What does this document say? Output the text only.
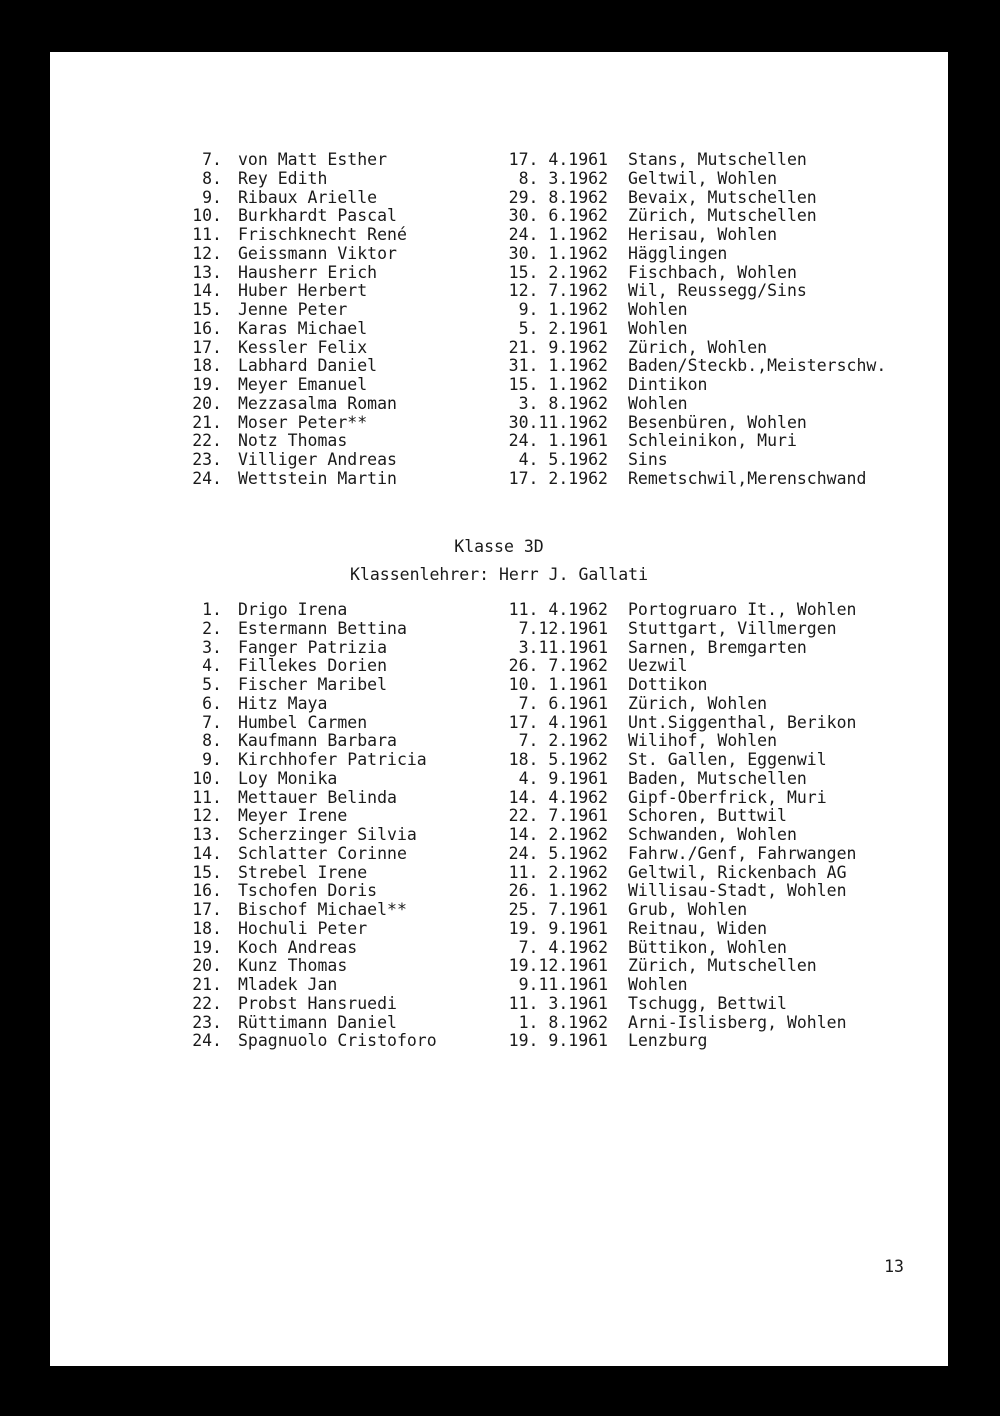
7. von Matt Esther	17. 4.1961 Stans, Mutschellen
8. Rey Edith	8. 3.1962 Geltwil, Wohlen
9. Ribaux Arielle	29. 8.1962 Bevaix, Mutschellen
10. Burkhardt Pascal	30. 6.1962 Zürich, Mutschellen
11. Frischknecht René	24. 1.1962 Herisau, Wohlen
12. Geissmann Viktor	30. 1.1962 Hägglingen
13. Hausherr Erich	15. 2.1962 Fischbach, Wohlen
14. Huber Herbert	12. 7.1962 Wil, Reussegg/Sins
15. Jenne Peter	9. 1.1962 Wohlen
16. Karas Michael	5. 2.1961 Wohlen
17. Kessler Felix	21. 9.1962 Zürich, Wohlen
18. Labhard Daniel	31. 1.1962 Baden/Steckb.,Meisterschw.
19. Meyer Emanuel	15. 1.1962 Dintikon
20. Mezzasalma Roman	3. 8.1962 Wohlen
21. Moser Peter**	30.11.1962 Besenbüren, Wohlen
22. Notz Thomas	24. 1.1961 Schleinikon, Muri
23. Villiger Andreas	4. 5.1962 Sins
24. Wettstein Martin	17. 2.1962 Remetschwil,Merenschwand
Klasse 3D
Klassenlehrer: Herr J. Gallati
1. Drigo Irena	11. 4.1962 Portogruaro It., Wohlen
2. Estermann Bettina	7.12.1961 Stuttgart, Villmergen
3. Fanger Patrizia	3.11.1961 Sarnen, Bremgarten
4. Fillekes Dorien	26. 7.1962 Uezwil
5. Fischer Maribel	10. 1.1961 Dottikon
6. Hitz Maya	7. 6.1961 Zürich, Wohlen
7. Humbel Carmen	17. 4.1961 Unt.Siggenthal, Berikon
8. Kaufmann Barbara	7. 2.1962 Wilihof, Wohlen
9. Kirchhofer Patricia	18. 5.1962 St. Gallen, Eggenwil
10. Loy Monika	4. 9.1961 Baden, Mutschellen
11. Mettauer Belinda	14. 4.1962 Gipf-Oberfrick, Muri
12. Meyer Irene	22. 7.1961 Schoren, Buttwil
13. Scherzinger Silvia	14. 2.1962 Schwanden, Wohlen
14. Schlatter Corinne	24. 5.1962 Fahrw./Genf, Fahrwangen
15. Strebel Irene	11. 2.1962 Geltwil, Rickenbach AG
16. Tschofen Doris	26. 1.1962 Willisau-Stadt, Wohlen
17. Bischof Michael**	25. 7.1961 Grub, Wohlen
18. Hochuli Peter	19. 9.1961 Reitnau, Widen
19. Koch Andreas	7. 4.1962 Büttikon, Wohlen
20. Kunz Thomas	19.12.1961 Zürich, Mutschellen
21. Mladek Jan	9.11.1961 Wohlen
22. Probst Hansruedi	11. 3.1961 Tschugg, Bettwil
23. Rüttimann Daniel	1. 8.1962 Arni-Islisberg, Wohlen
24. Spagnuolo Cristoforo	19. 9.1961 Lenzburg
13
